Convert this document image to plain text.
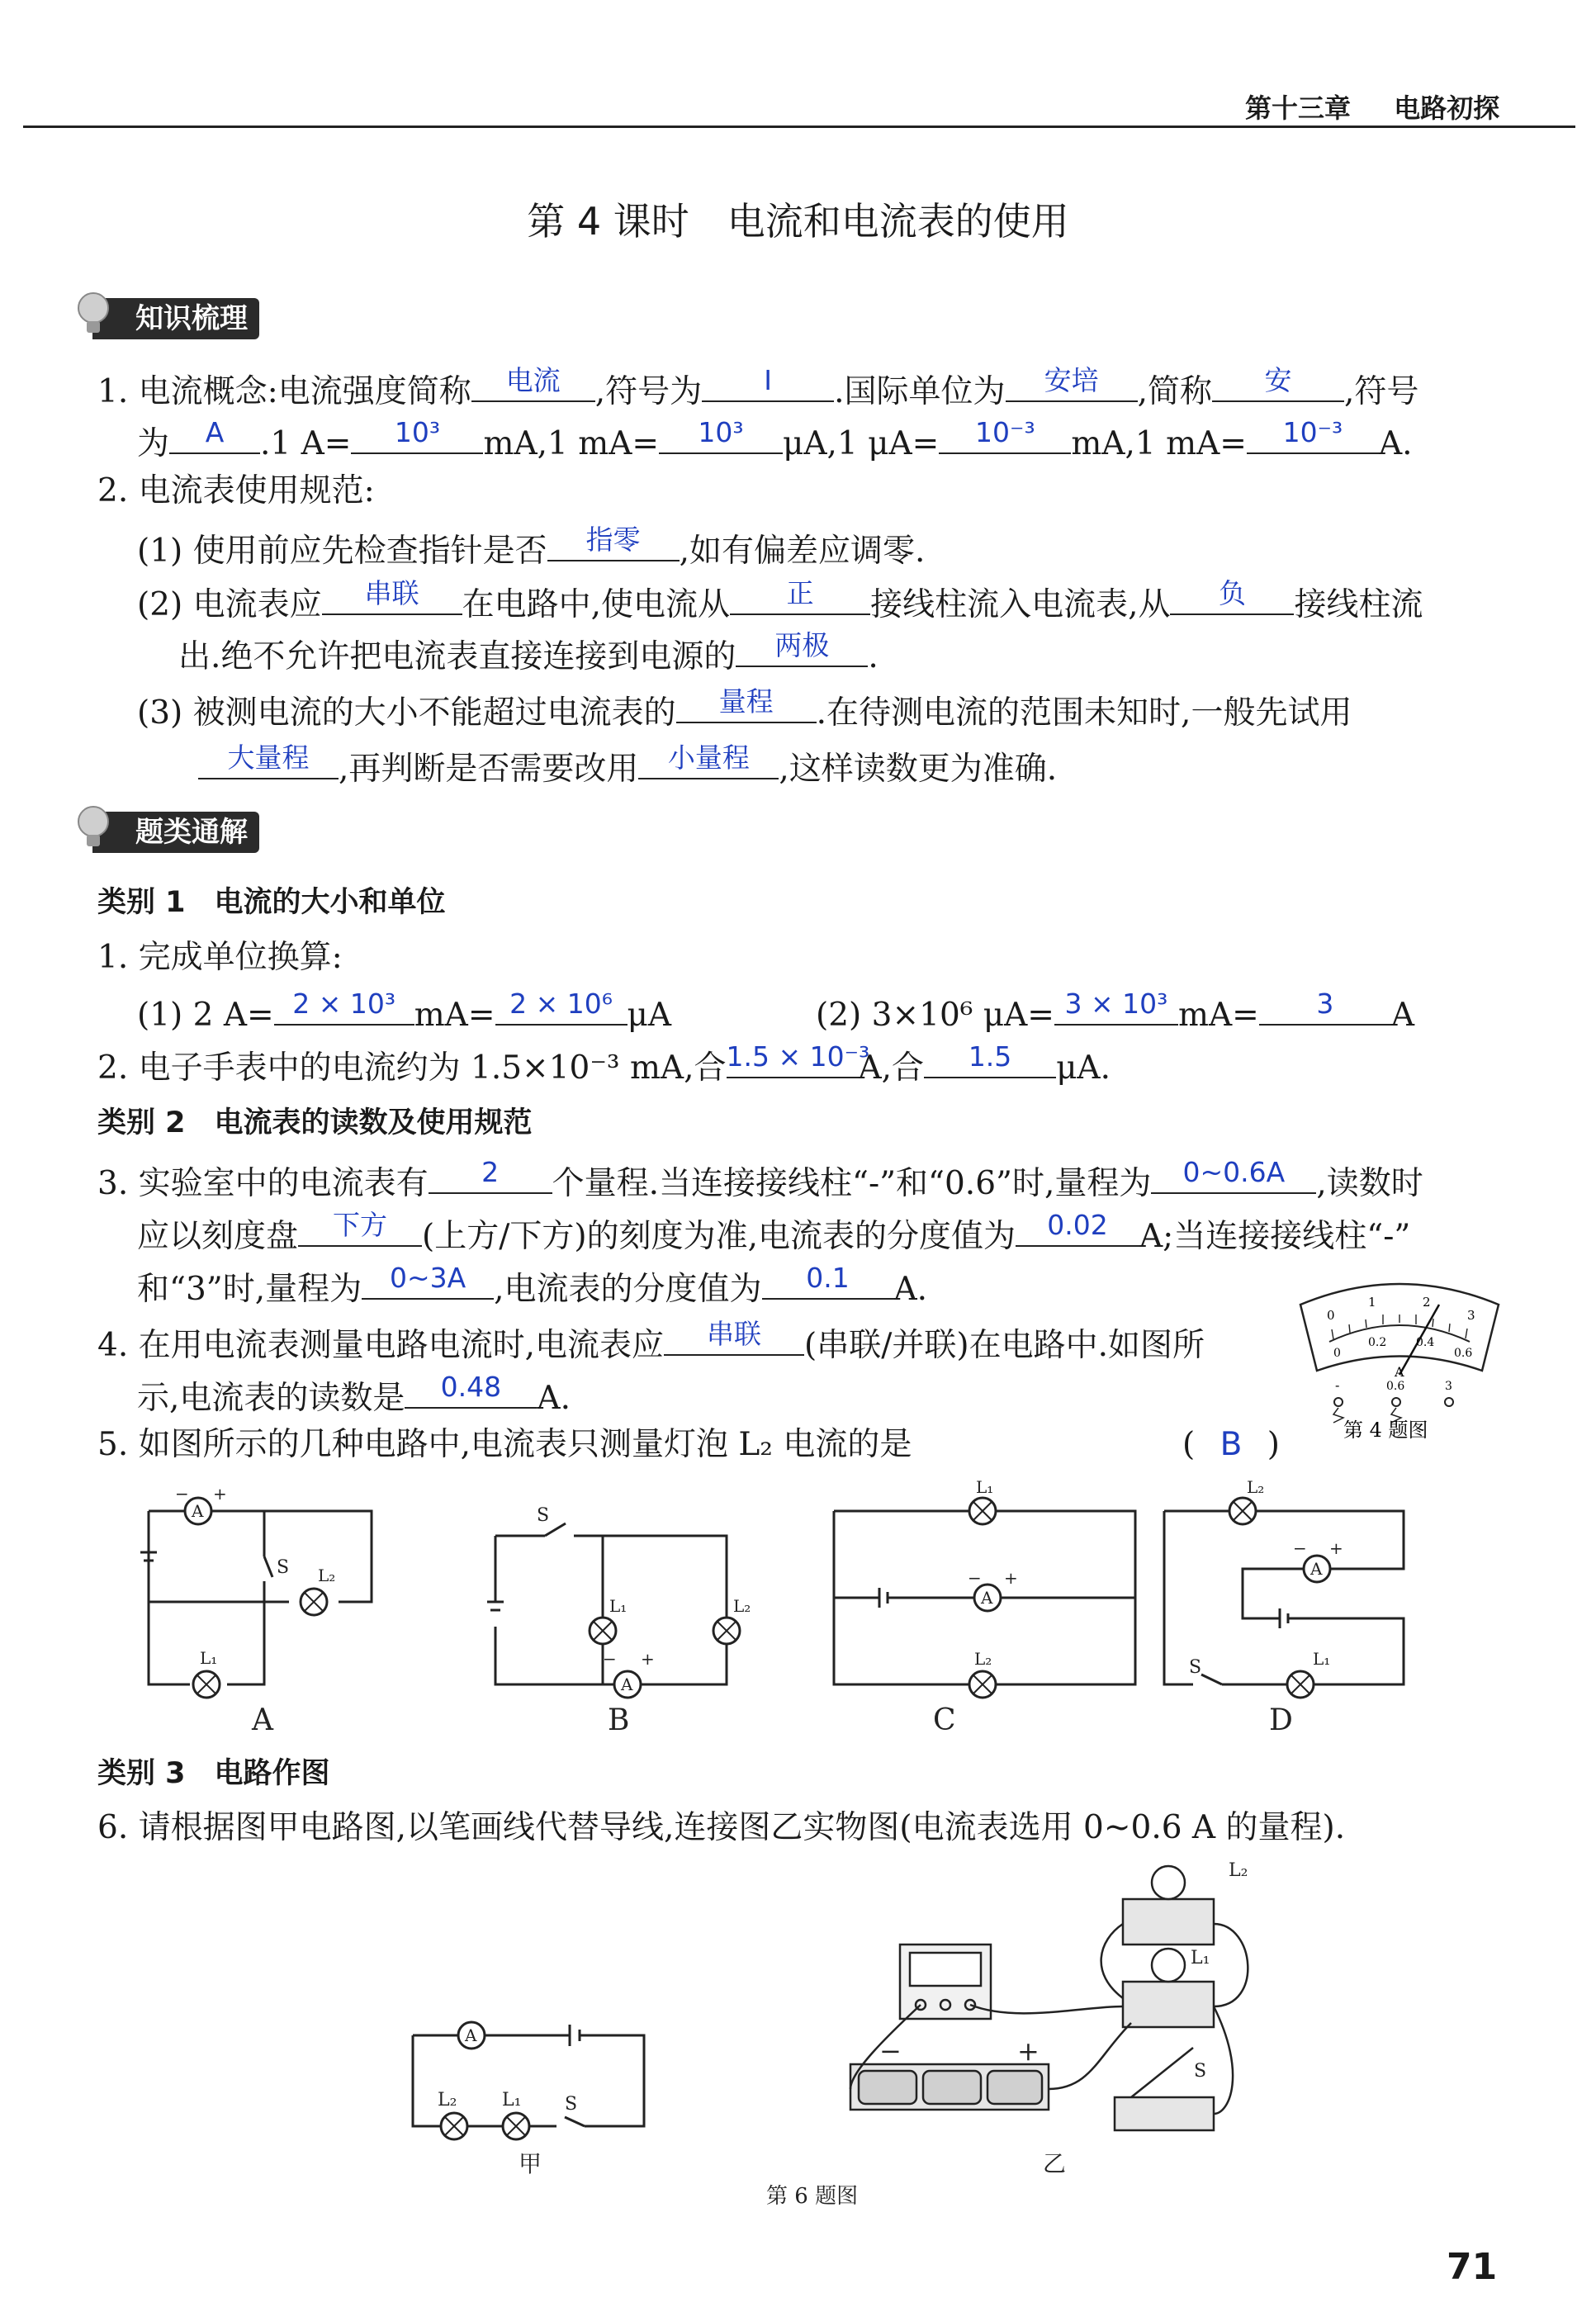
第十三章 电路初探
第 4 课时　电流和电流表的使用
知识梳理
1. 电流概念:电流强度简称	电流	,符号为	I	.国际单位为	安培	,简称	安	,符号
为	A	.1 A=	10³	mA,1 mA=	10³	μA,1 μA=	10⁻³	mA,1 mA=	10⁻³	A.
2. 电流表使用规范:
(1) 使用前应先检查指针是否	指零	,如有偏差应调零.
(2) 电流表应	串联	在电路中,使电流从	正	接线柱流入电流表,从	负	接线柱流
出.绝不允许把电流表直接连接到电源的	两极	.
(3) 被测电流的大小不能超过电流表的	量程	.在待测电流的范围未知时,一般先试用
大量程 ,再判断是否需要改用	小量程 ,这样读数更为准确.
题类通解
类别 1　电流的大小和单位
1. 完成单位换算:
(1) 2 A= 2 × 10³ mA= 2 × 10⁶ μA	(2) 3×10⁶ μA= 3 × 10³ mA=	3	A
2. 电子手表中的电流约为 1.5×10⁻³ mA,合 1.5 × 10⁻³
A,合	1.5	μA.
类别 2　电流表的读数及使用规范
3. 实验室中的电流表有	2	个量程.当连接接线柱“-”和“0.6”时,量程为	0~0.6A ,读数时
应以刻度盘	下方	(上方/下方)的刻度为准,电流表的分度值为	0.02 A;当连接接线柱“-”
和“3”时,量程为	0~3A ,电流表的分度值为	0.1	A.
4. 在用电流表测量电路电流时,电流表应	串联	(串联/并联)在电路中.如图所
示,电流表的读数是	0.48	A.
0
1	2
3
0
0.2	0.4
0.6
A
-	0.6	3
第 4 题图
5. 如图所示的几种电路中,电流表只测量灯泡 L₂ 电流的是	( B )
A
A
A
A
S
S
S
L₂
L₁
L₁	L₂
L₁
L₂
L₂
L₁
− +
− +
− +
+
−
A	B	C	D
类别 3　电路作图
6. 请根据图甲电路图,以笔画线代替导线,连接图乙实物图(电流表选用 0~0.6 A 的量程).
A
L₂ L₁ S
L₂
L₁
S
−	+
甲	乙
第 6 题图
71
